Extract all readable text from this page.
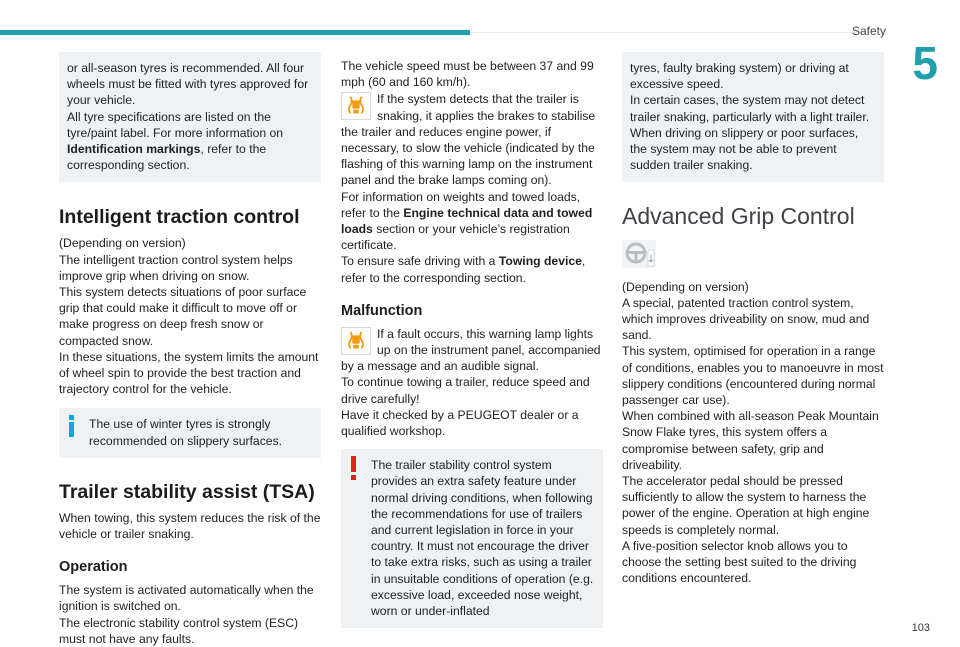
Safety
5
103

or all-season tyres is recommended. All four wheels must be fitted with tyres approved for your vehicle.

All tyre specifications are listed on the tyre/paint label. For more information on Identification markings, refer to the corresponding section.

Intelligent traction control

(Depending on version)

The intelligent traction control system helps improve grip when driving on snow.

This system detects situations of poor surface grip that could make it difficult to move off or make progress on deep fresh snow or compacted snow.

In these situations, the system limits the amount of wheel spin to provide the best traction and trajectory control for the vehicle.

The use of winter tyres is strongly recommended on slippery surfaces.

Trailer stability assist (TSA)

When towing, this system reduces the risk of the vehicle or trailer snaking.

Operation

The system is activated automatically when the ignition is switched on.

The electronic stability control system (ESC) must not have any faults.

The vehicle speed must be between 37 and 99 mph (60 and 160 km/h).

If the system detects that the trailer is snaking, it applies the brakes to stabilise the trailer and reduces engine power, if necessary, to slow the vehicle (indicated by the flashing of this warning lamp on the instrument panel and the brake lamps coming on).

For information on weights and towed loads, refer to the Engine technical data and towed loads section or your vehicle’s registration certificate.

To ensure safe driving with a Towing device, refer to the corresponding section.

Malfunction

If a fault occurs, this warning lamp lights up on the instrument panel, accompanied by a message and an audible signal.

To continue towing a trailer, reduce speed and drive carefully!

Have it checked by a PEUGEOT dealer or a qualified workshop.

The trailer stability control system provides an extra safety feature under normal driving conditions, when following the recommendations for use of trailers and current legislation in force in your country. It must not encourage the driver to take extra risks, such as using a trailer in unsuitable conditions of operation (e.g. excessive load, exceeded nose weight, worn or under-inflated

tyres, faulty braking system) or driving at excessive speed.

In certain cases, the system may not detect trailer snaking, particularly with a light trailer. When driving on slippery or poor surfaces, the system may not be able to prevent sudden trailer snaking.

Advanced Grip Control

(Depending on version)

A special, patented traction control system, which improves driveability on snow, mud and sand.

This system, optimised for operation in a range of conditions, enables you to manoeuvre in most slippery conditions (encountered during normal passenger car use).

When combined with all-season Peak Mountain Snow Flake tyres, this system offers a compromise between safety, grip and driveability.

The accelerator pedal should be pressed sufficiently to allow the system to harness the power of the engine. Operation at high engine speeds is completely normal.

A five-position selector knob allows you to choose the setting best suited to the driving conditions encountered.
